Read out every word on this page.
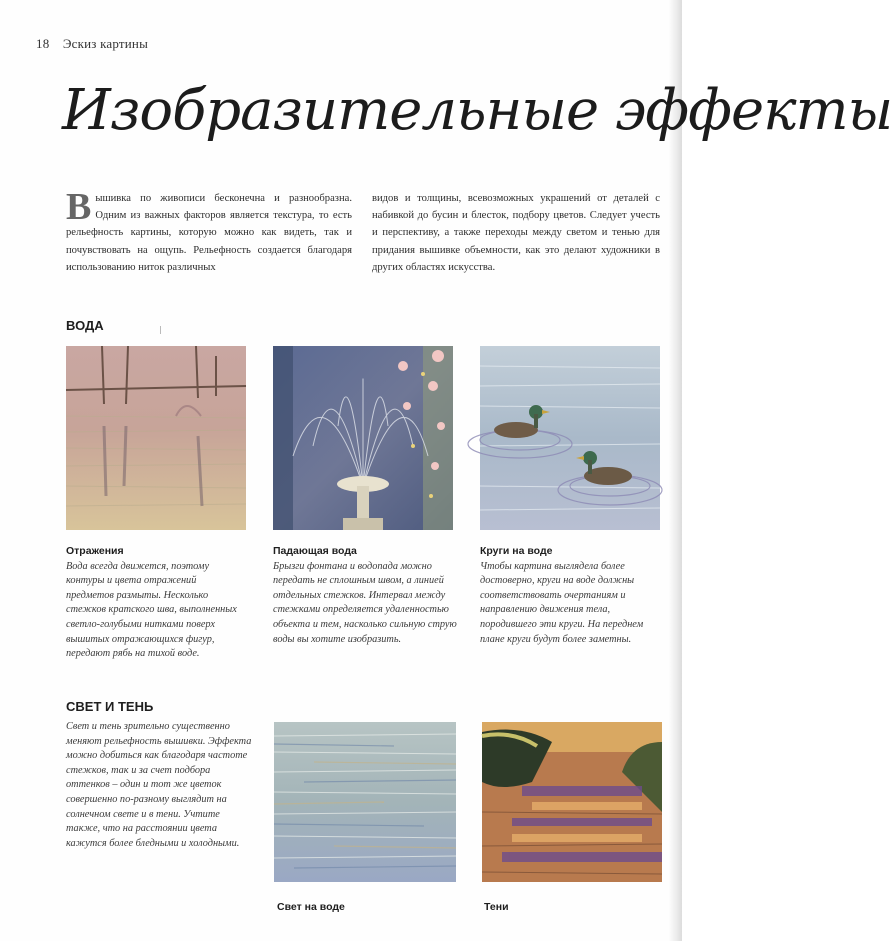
18 Эскиз картины
Изобразительные эффекты
В ышивка по живописи бесконечна и разнообразна. Одним из важных факторов является текстура, то есть рельефность картины, которую можно как видеть, так и почувствовать на ощупь. Рельефность создается благодаря использованию ниток различных
видов и толщины, всевозможных украшений от деталей с набивкой до бусин и блесток, подбору цветов. Следует учесть и перспективу, а также переходы между светом и тенью для придания вышивке объемности, как это делают художники в других областях искусства.
ВОДА
Отражения
Вода всегда движется, поэтому контуры и цвета отражений предметов размыты. Несколько стежков кратского шва, выполненных светло-голубыми нитками поверх вышитых отражающихся фигур, передают рябь на тихой воде.
Падающая вода
Брызги фонтана и водопада можно передать не сплошным швом, а линией отдельных стежков. Интервал между стежками определяется удаленностью объекта и тем, насколько сильную струю воды вы хотите изобразить.
Круги на воде
Чтобы картина выглядела более достоверно, круги на воде должны соответствовать очертаниям и направлению движения тела, породившего эти круги. На переднем плане круги будут более заметны.
СВЕТ И ТЕНЬ
Свет и тень зрительно существенно меняют рельефность вышивки. Эффекта можно добиться как благодаря частоте стежков, так и за счет подбора оттенков – один и тот же цветок совершенно по-разному выглядит на солнечном свете и в тени. Учтите также, что на расстоянии цвета кажутся более бледными и холодными.
Свет на воде	Тени
